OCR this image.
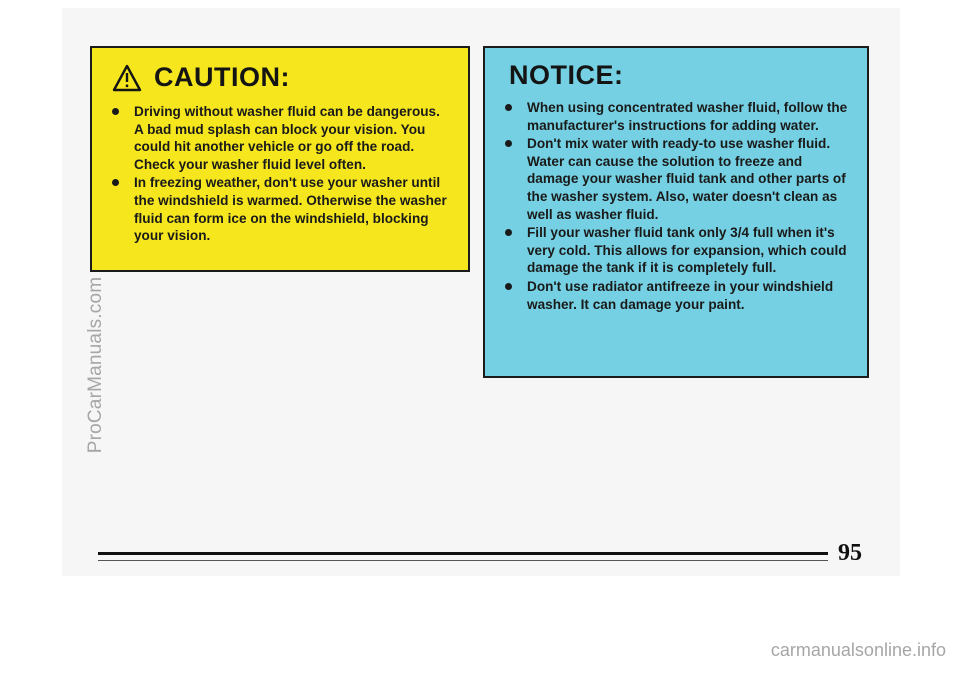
CAUTION:
Driving without washer fluid can be dangerous. A bad mud splash can block your vision. You could hit another vehicle or go off the road. Check your washer fluid level often.
In freezing weather, don't use your washer until the windshield is warmed. Otherwise the washer fluid can form ice on the windshield, blocking your vision.
NOTICE:
When using concentrated washer fluid, follow the manufacturer's instructions for adding water.
Don't mix water with ready-to use washer fluid. Water can cause the solution to freeze and damage your washer fluid tank and other parts of the washer system. Also, water doesn't clean as well as washer fluid.
Fill your washer fluid tank only 3/4 full when it's very cold. This allows for expansion, which could damage the tank if it is completely full.
Don't use radiator antifreeze in your windshield washer. It can damage your paint.
95
ProCarManuals.com
carmanualsonline.info
